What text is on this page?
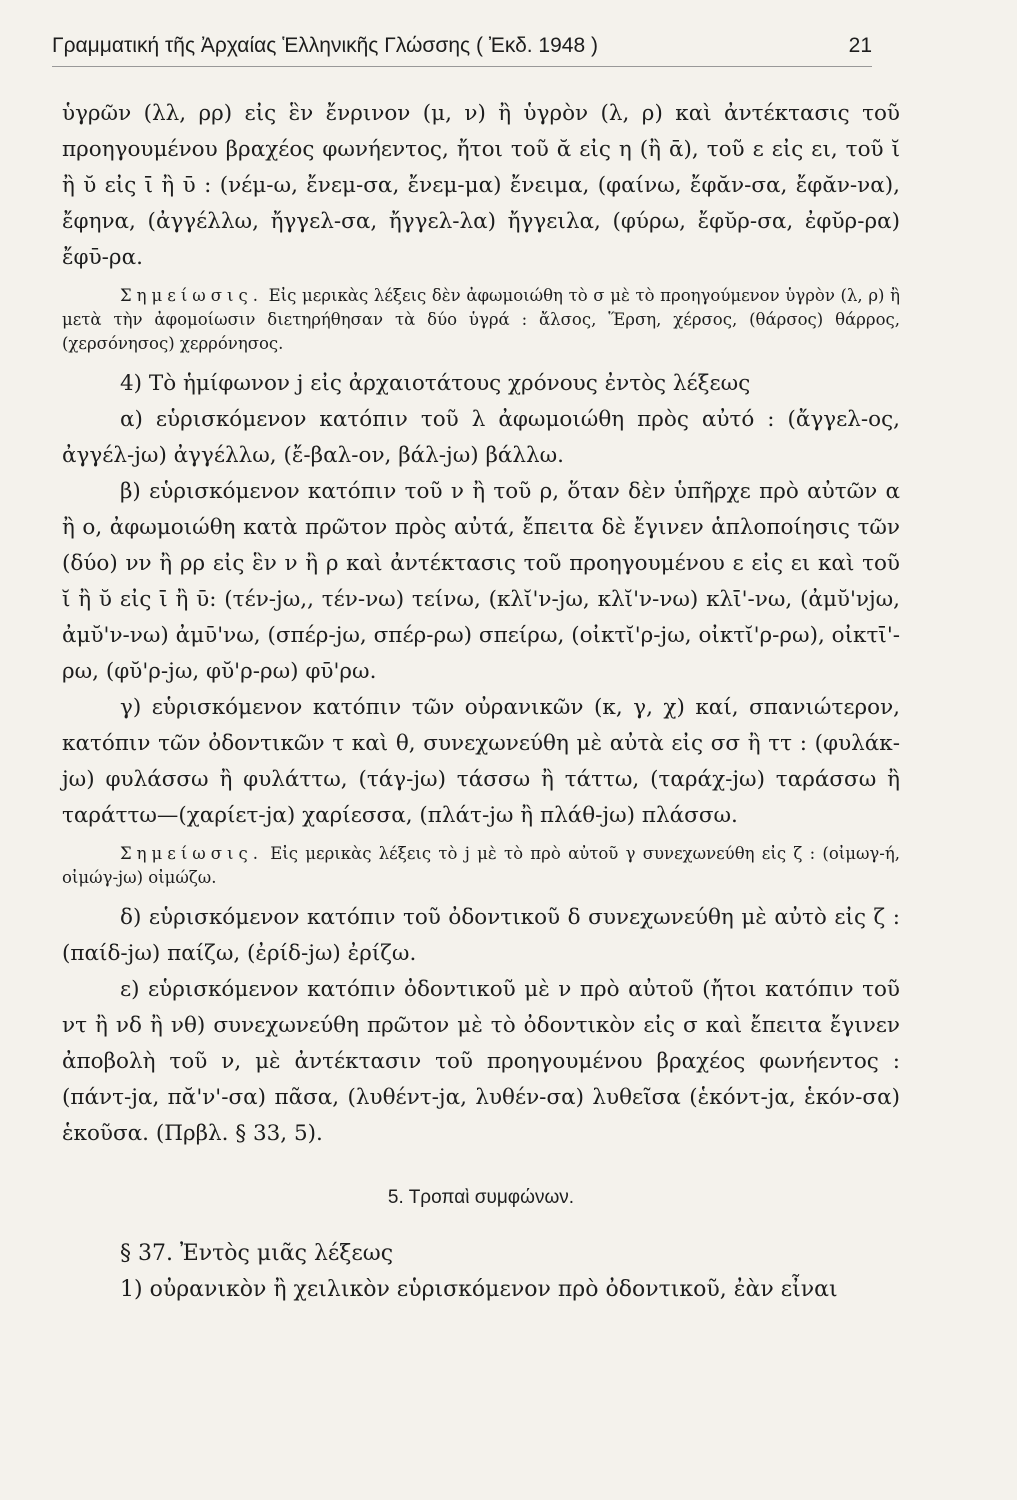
Γραμματική τῆς Ἀρχαίας Ἑλληνικῆς Γλώσσης ( Ἐκδ. 1948 )	21

ὑγρῶν (λλ, ρρ) εἰς ἓν ἔνρινον (μ, ν) ἢ ὑγρὸν (λ, ρ) καὶ ἀντέκτασις τοῦ προηγουμένου βραχέος φωνήεντος, ἤτοι τοῦ ᾰ εἰς η (ἢ ᾱ), τοῦ ε εἰς ει, τοῦ ῐ ἢ ῠ εἰς ῑ ἢ ῡ : (νέμ-ω, ἔνεμ-σα, ἔνεμ-μα) ἔνειμα, (φαίνω, ἔφᾰν-σα, ἔφᾰν-να), ἔφηνα, (ἀγγέλλω, ἤγγελ-σα, ἤγγελ-λα) ἤγγειλα, (φύρω, ἔφῠρ-σα, ἐφῠρ-ρα) ἔφῡ-ρα.

Σημείωσις. Εἰς μερικὰς λέξεις δὲν ἀφωμοιώθη τὸ σ μὲ τὸ προηγούμενον ὑγρὸν (λ, ρ) ἢ μετὰ τὴν ἀφομοίωσιν διετηρήθησαν τὰ δύο ὑγρά : ἄλσος, Ἕρση, χέρσος, (θάρσος) θάρρος, (χερσόνησος) χερρόνησος.

4) Τὸ ἡμίφωνον j εἰς ἀρχαιοτάτους χρόνους ἐντὸς λέξεως

α) εὑρισκόμενον κατόπιν τοῦ λ ἀφωμοιώθη πρὸς αὐτό : (ἄγγελ-ος, ἀγγέλ-jω) ἀγγέλλω, (ἔ-βαλ-ον, βάλ-jω) βάλλω.

β) εὑρισκόμενον κατόπιν τοῦ ν ἢ τοῦ ρ, ὅταν δὲν ὑπῆρχε πρὸ αὐτῶν α ἢ ο, ἀφωμοιώθη κατὰ πρῶτον πρὸς αὐτά, ἔπειτα δὲ ἔγινεν ἁπλοποίησις τῶν (δύο) νν ἢ ρρ εἰς ἓν ν ἢ ρ καὶ ἀντέκτασις τοῦ προηγουμένου ε εἰς ει καὶ τοῦ ῐ ἢ ῠ εἰς ῑ ἢ ῡ: (τέν-jω,, τέν-νω) τείνω, (κλῐ'ν-jω, κλῐ'ν-νω) κλῑ'-νω, (ἀμῠ'νjω, ἀμῠ'ν-νω) ἀμῡ'νω, (σπέρ-jω, σπέρ-ρω) σπείρω, (οἰκτῐ'ρ-jω, οἰκτῐ'ρ-ρω), οἰκτῑ'-ρω, (φῠ'ρ-jω, φῠ'ρ-ρω) φῡ'ρω.

γ) εὑρισκόμενον κατόπιν τῶν οὐρανικῶν (κ, γ, χ) καί, σπανιώτερον, κατόπιν τῶν ὀδοντικῶν τ καὶ θ, συνεχωνεύθη μὲ αὐτὰ εἰς σσ ἢ ττ : (φυλάκ-jω) φυλάσσω ἢ φυλάττω, (τάγ-jω) τάσσω ἢ τάττω, (ταράχ-jω) ταράσσω ἢ ταράττω—(χαρίετ-jα) χαρίεσσα, (πλάτ-jω ἢ πλάθ-jω) πλάσσω.

Σημείωσις. Εἰς μερικὰς λέξεις τὸ j μὲ τὸ πρὸ αὐτοῦ γ συνεχωνεύθη εἰς ζ : (οἰμωγ-ή, οἰμώγ-jω) οἰμώζω.

δ) εὑρισκόμενον κατόπιν τοῦ ὀδοντικοῦ δ συνεχωνεύθη μὲ αὐτὸ εἰς ζ : (παίδ-jω) παίζω, (ἐρίδ-jω) ἐρίζω.

ε) εὑρισκόμενον κατόπιν ὀδοντικοῦ μὲ ν πρὸ αὐτοῦ (ἤτοι κατόπιν τοῦ ντ ἢ νδ ἢ νθ) συνεχωνεύθη πρῶτον μὲ τὸ ὀδοντικὸν εἰς σ καὶ ἔπειτα ἔγινεν ἀποβολὴ τοῦ ν, μὲ ἀντέκτασιν τοῦ προηγουμένου βραχέος φωνήεντος : (πάντ-jα, πᾰ'ν'-σα) πᾶσα, (λυθέντ-jα, λυθέν-σα) λυθεῖσα (ἑκόντ-jα, ἑκόν-σα) ἑκοῦσα. (Πρβλ. § 33, 5).

5. Τροπαὶ συμφώνων.

§ 37. Ἐντὸς μιᾶς λέξεως

1) οὐρανικὸν ἢ χειλικὸν εὑρισκόμενον πρὸ ὀδοντικοῦ, ἐὰν εἶναι
